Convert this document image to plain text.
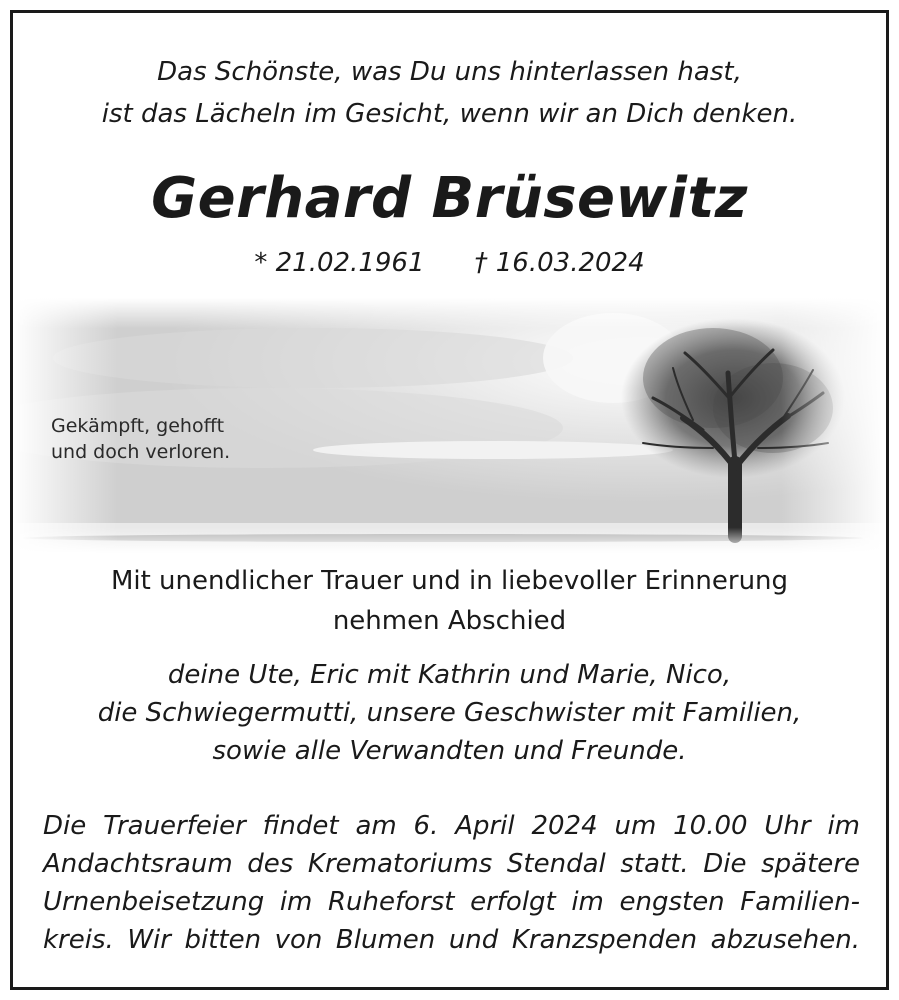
Das Schönste, was Du uns hinterlassen hast,
ist das Lächeln im Gesicht, wenn wir an Dich denken.
Gerhard Brüsewitz
* 21.02.1961 † 16.03.2024
Gekämpft, gehofft
und doch verloren.
Mit unendlicher Trauer und in liebevoller Erinnerung
nehmen Abschied
deine Ute, Eric mit Kathrin und Marie, Nico,
die Schwiegermutti, unsere Geschwister mit Familien,
sowie alle Verwandten und Freunde.
Die Trauerfeier findet am 6. April 2024 um 10.00 Uhr im
Andachtsraum des Krematoriums Stendal statt. Die spätere
Urnenbeisetzung im Ruheforst erfolgt im engsten Familien-
kreis. Wir bitten von Blumen und Kranzspenden abzusehen.
